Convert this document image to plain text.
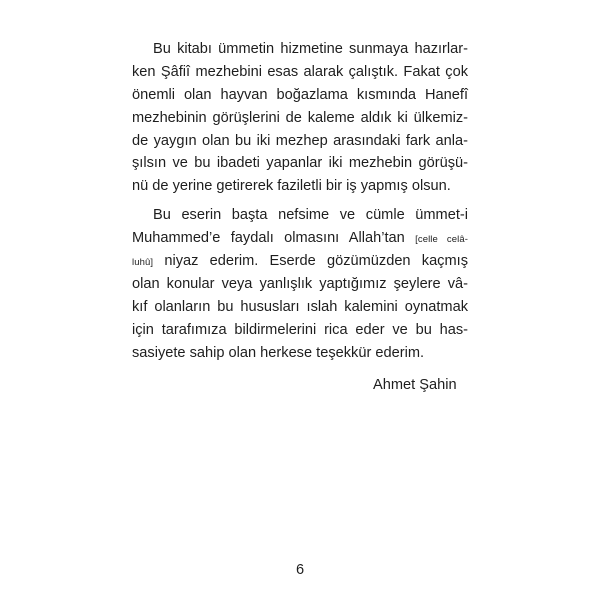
Bu kitabı ümmetin hizmetine sunmaya hazırlar-
ken Şâfiî mezhebini esas alarak çalıştık. Fakat çok
önemli olan hayvan boğazlama kısmında Hanefî
mezhebinin görüşlerini de kaleme aldık ki ülkemiz-
de yaygın olan bu iki mezhep arasındaki fark anla-
şılsın ve bu ibadeti yapanlar iki mezhebin görüşü-
nü de yerine getirerek faziletli bir iş yapmış olsun.
Bu eserin başta nefsime ve cümle ümmet-i
Muhammed’e faydalı olmasını Allah’tan [celle celâ-
luhû] niyaz ederim. Eserde gözümüzden kaçmış
olan konular veya yanlışlık yaptığımız şeylere vâ-
kıf olanların bu hususları ıslah kalemini oynatmak
için tarafımıza bildirmelerini rica eder ve bu has-
sasiyete sahip olan herkese teşekkür ederim.
Ahmet Şahin
6
